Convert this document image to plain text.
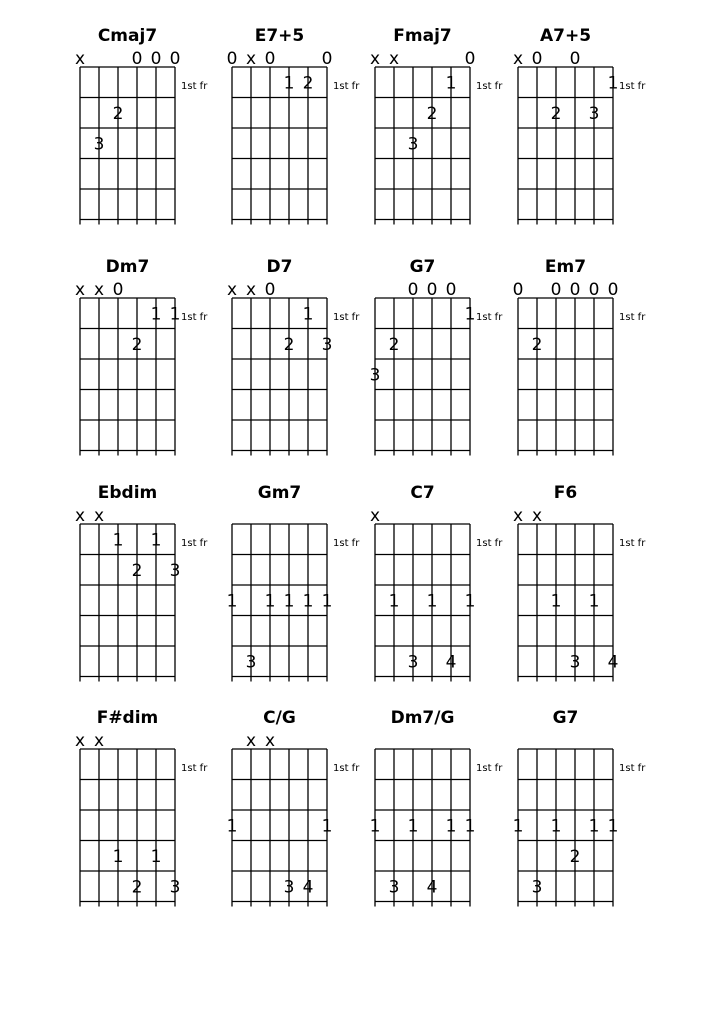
Cmaj7
x	0 0 0
1st fr
2
3
E7+5
0 x 0	0
1st fr
1 2
Fmaj7
x x	0
1st fr
1
2
3
A7+5
x 0 0
1st fr
1
2 3
Dm7
x x 0
1st fr
1 1
2
D7
x x 0
1st fr
1
2 3
G7
0 0 0
1st fr
1
2
3
Em7
0 0 0 0 0
1st fr
2
Ebdim
x x
1st fr
1 1
2 3
Gm7
1st fr
1 1 1 1 1
3
C7
x
1st fr
1 1 1
3 4
F6
x x
1st fr
1 1
3 4
F#dim
x x
1st fr
1 1
2 3
C/G
x x
1st fr
1	1
3 4
Dm7/G
1st fr
1 1 1 1
3 4
G7
1st fr
1 1 1 1
2
3
